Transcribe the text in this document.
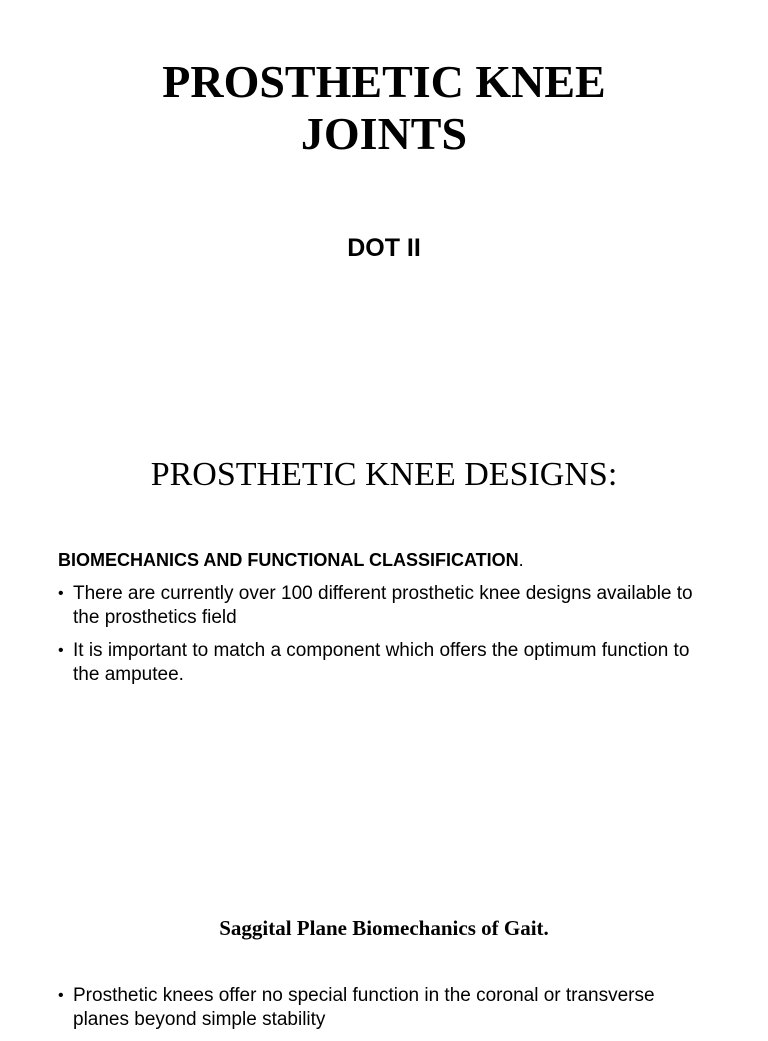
PROSTHETIC KNEE
JOINTS

DOT II

PROSTHETIC KNEE DESIGNS:

BIOMECHANICS AND FUNCTIONAL CLASSIFICATION.

• There are currently over 100 different prosthetic knee designs available to the prosthetics field
• It is important to match a component which offers the optimum function to the amputee.
Saggital Plane Biomechanics of Gait.
• Prosthetic knees offer no special function in the coronal or transverse planes beyond simple stability
